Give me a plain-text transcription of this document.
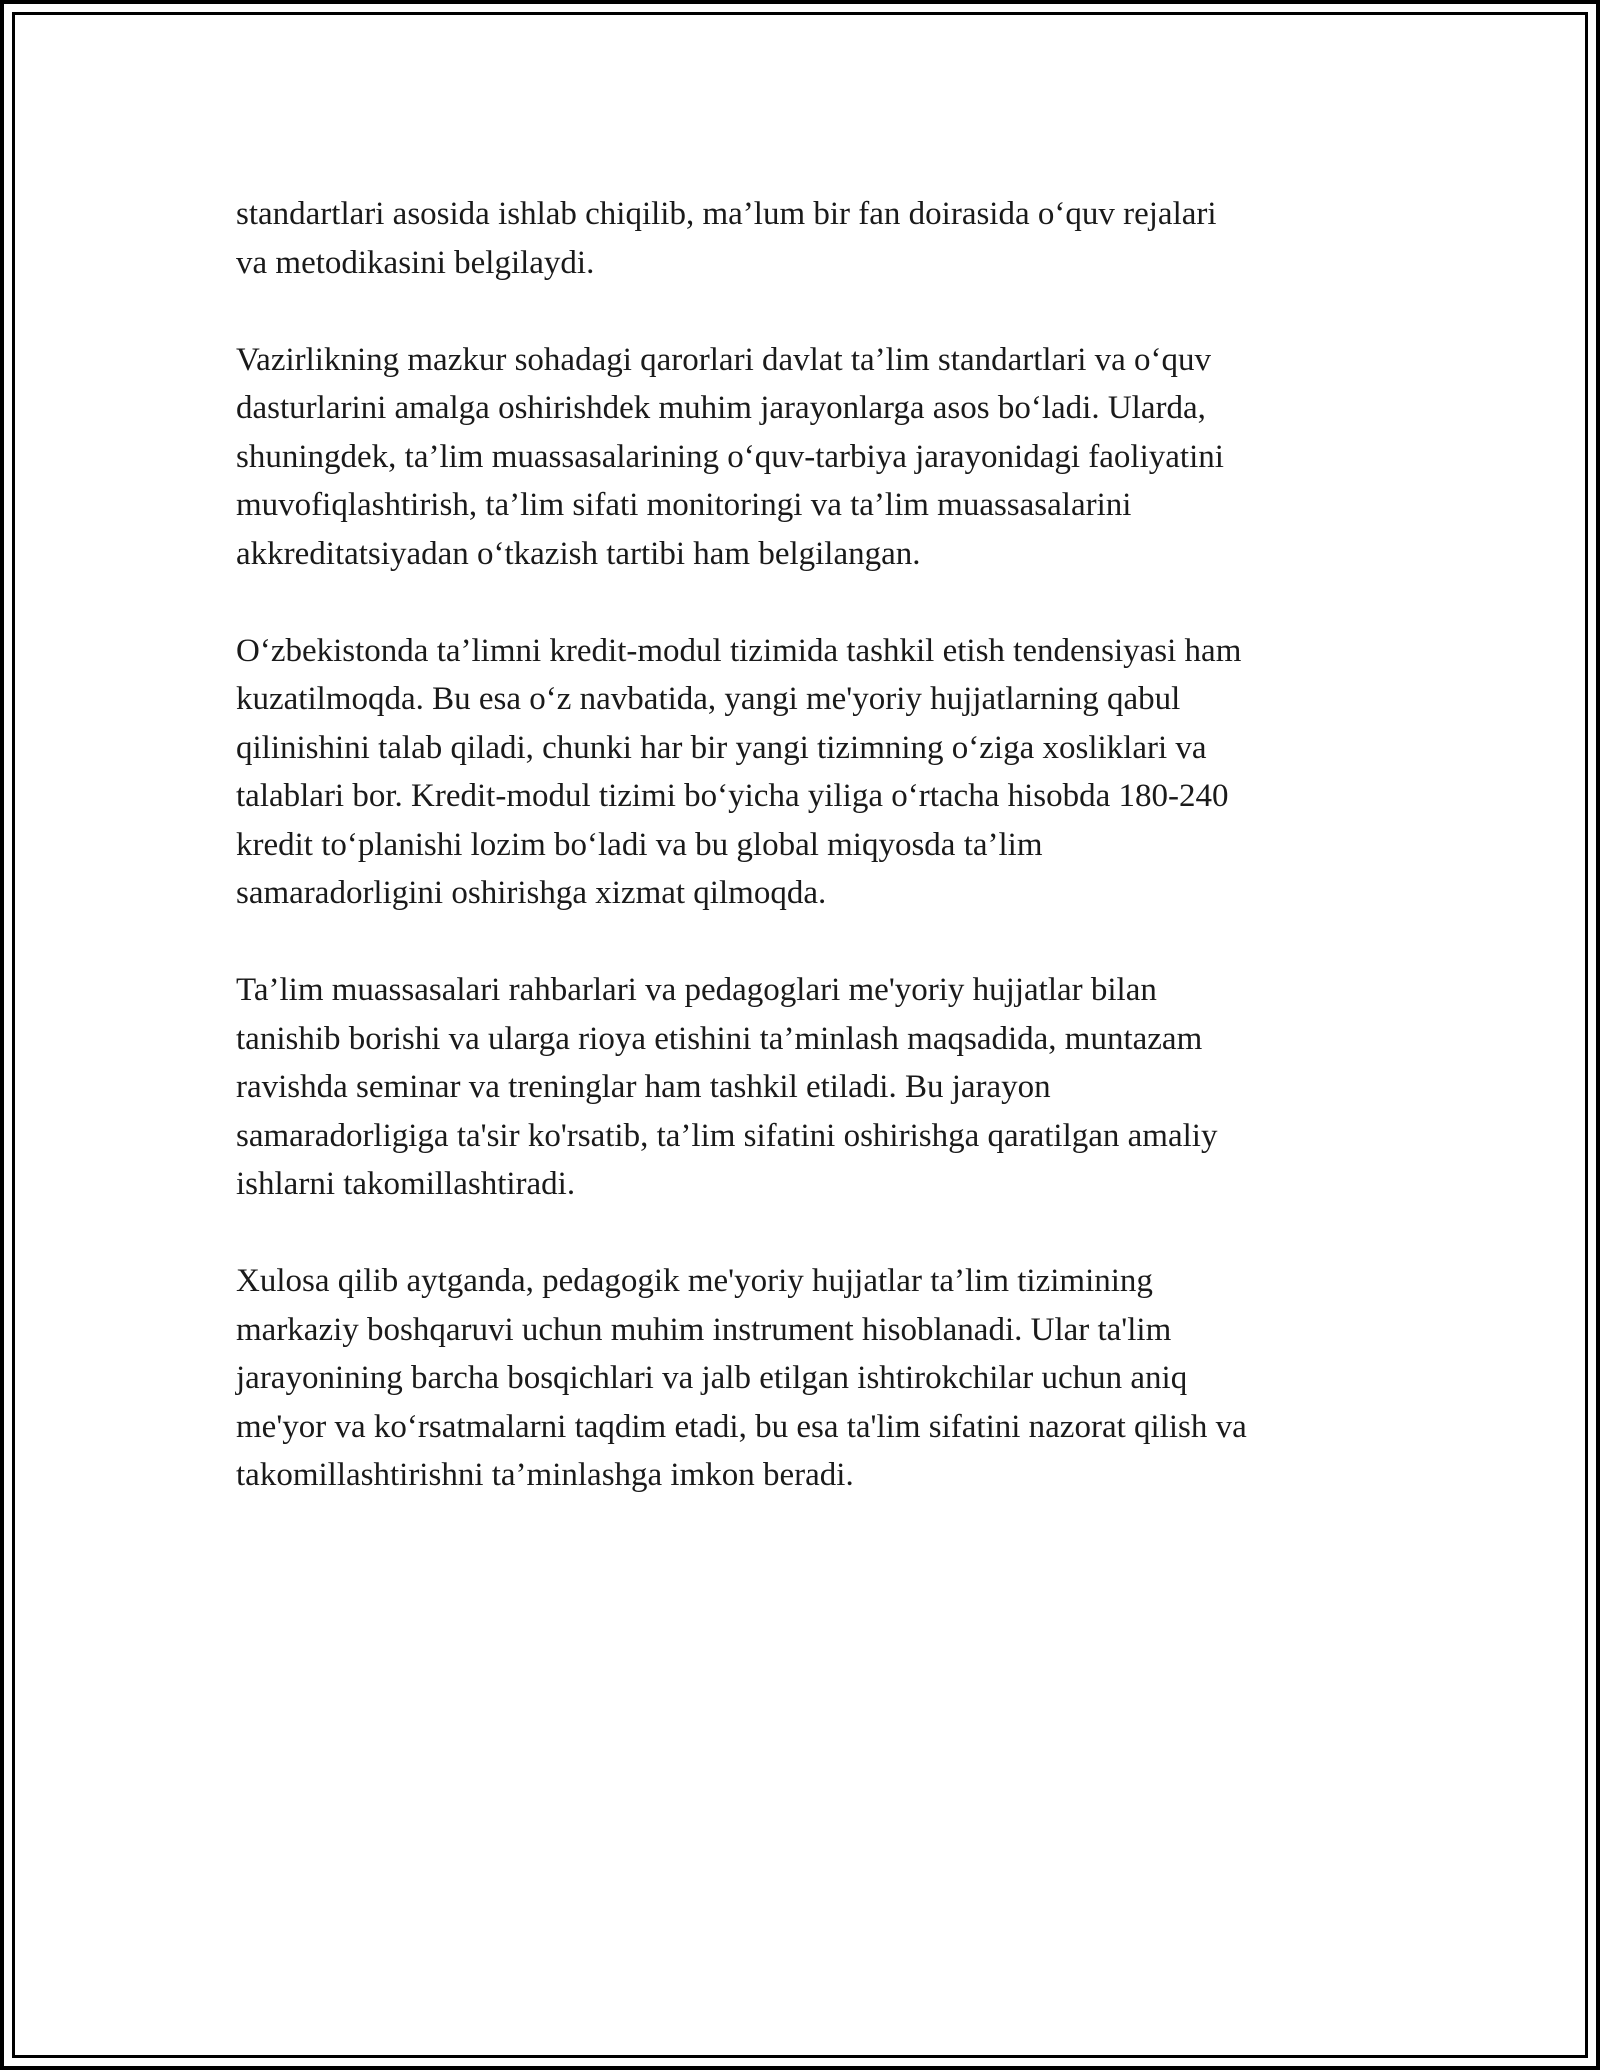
standartlari asosida ishlab chiqilib, ma’lum bir fan doirasida o‘quv rejalari
va metodikasini belgilaydi.

Vazirlikning mazkur sohadagi qarorlari davlat ta’lim standartlari va o‘quv
dasturlarini amalga oshirishdek muhim jarayonlarga asos bo‘ladi. Ularda,
shuningdek, ta’lim muassasalarining o‘quv-tarbiya jarayonidagi faoliyatini
muvofiqlashtirish, ta’lim sifati monitoringi va ta’lim muassasalarini
akkreditatsiyadan o‘tkazish tartibi ham belgilangan.

O‘zbekistonda ta’limni kredit-modul tizimida tashkil etish tendensiyasi ham
kuzatilmoqda. Bu esa o‘z navbatida, yangi me'yoriy hujjatlarning qabul
qilinishini talab qiladi, chunki har bir yangi tizimning o‘ziga xosliklari va
talablari bor. Kredit-modul tizimi bo‘yicha yiliga o‘rtacha hisobda 180-240
kredit to‘planishi lozim bo‘ladi va bu global miqyosda ta’lim
samaradorligini oshirishga xizmat qilmoqda.

Ta’lim muassasalari rahbarlari va pedagoglari me'yoriy hujjatlar bilan
tanishib borishi va ularga rioya etishini ta’minlash maqsadida, muntazam
ravishda seminar va treninglar ham tashkil etiladi. Bu jarayon
samaradorligiga ta'sir ko'rsatib, ta’lim sifatini oshirishga qaratilgan amaliy
ishlarni takomillashtiradi.

Xulosa qilib aytganda, pedagogik me'yoriy hujjatlar ta’lim tizimining
markaziy boshqaruvi uchun muhim instrument hisoblanadi. Ular ta'lim
jarayonining barcha bosqichlari va jalb etilgan ishtirokchilar uchun aniq
me'yor va ko‘rsatmalarni taqdim etadi, bu esa ta'lim sifatini nazorat qilish va
takomillashtirishni ta’minlashga imkon beradi.
